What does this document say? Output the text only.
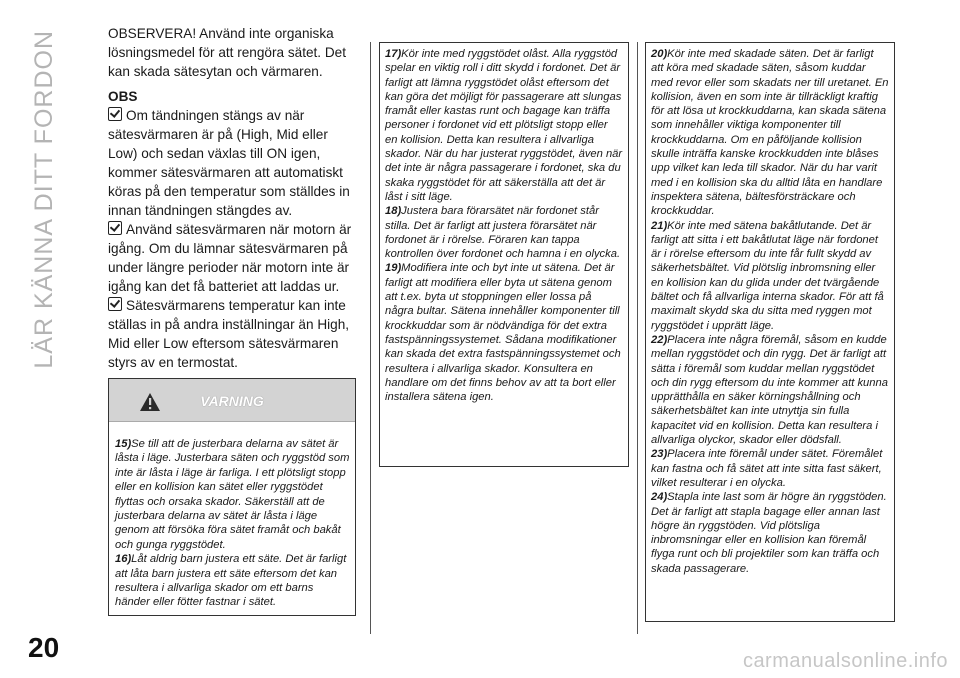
LÄR KÄNNA DITT FORDON	OBSERVERA! Använd inte organiska lösningsmedel för att rengöra sätet. Det kan skada sätesytan och värmaren.

OBS

Om tändningen stängs av när sätesvärmaren är på (High, Mid eller Low) och sedan växlas till ON igen, kommer sätesvärmaren att automatiskt köras på den temperatur som ställdes in innan tändningen stängdes av.

Använd sätesvärmaren när motorn är igång. Om du lämnar sätesvärmaren på under längre perioder när motorn inte är igång kan det få batteriet att laddas ur.

Sätesvärmarens temperatur kan inte ställas in på andra inställningar än High, Mid eller Low eftersom sätesvärmaren styrs av en termostat.

VARNING

15)Se till att de justerbara delarna av sätet är låsta i läge. Justerbara säten och ryggstöd som inte är låsta i läge är farliga. I ett plötsligt stopp eller en kollision kan sätet eller ryggstödet flyttas och orsaka skador. Säkerställ att de justerbara delarna av sätet är låsta i läge genom att försöka föra sätet framåt och bakåt och gunga ryggstödet.

16)Låt aldrig barn justera ett säte. Det är farligt att låta barn justera ett säte eftersom det kan resultera i allvarliga skador om ett barns händer eller fötter fastnar i sätet.

17)Kör inte med ryggstödet olåst. Alla ryggstöd spelar en viktig roll i ditt skydd i fordonet. Det är farligt att lämna ryggstödet olåst eftersom det kan göra det möjligt för passagerare att slungas framåt eller kastas runt och bagage kan träffa personer i fordonet vid ett plötsligt stopp eller en kollision. Detta kan resultera i allvarliga skador. När du har justerat ryggstödet, även när det inte är några passagerare i fordonet, ska du skaka ryggstödet för att säkerställa att det är låst i sitt läge.

18)Justera bara förarsätet när fordonet står stilla. Det är farligt att justera förarsätet när fordonet är i rörelse. Föraren kan tappa kontrollen över fordonet och hamna i en olycka.

19)Modifiera inte och byt inte ut sätena. Det är farligt att modifiera eller byta ut sätena genom att t.ex. byta ut stoppningen eller lossa på några bultar. Sätena innehåller komponenter till krockkuddar som är nödvändiga för det extra fastspänningssystemet. Sådana modifikationer kan skada det extra fastspänningssystemet och resultera i allvarliga skador. Konsultera en handlare om det finns behov av att ta bort eller installera sätena igen.

20)Kör inte med skadade säten. Det är farligt att köra med skadade säten, såsom kuddar med revor eller som skadats ner till uretanet. En kollision, även en som inte är tillräckligt kraftig för att lösa ut krockkuddarna, kan skada sätena som innehåller viktiga komponenter till krockkuddarna. Om en påföljande kollision skulle inträffa kanske krockkudden inte blåses upp vilket kan leda till skador. När du har varit med i en kollision ska du alltid låta en handlare inspektera sätena, bältesförsträckare och krockkuddar.

21)Kör inte med sätena bakåtlutande. Det är farligt att sitta i ett bakåtlutat läge när fordonet är i rörelse eftersom du inte får fullt skydd av säkerhetsbältet. Vid plötslig inbromsning eller en kollision kan du glida under det tvärgående bältet och få allvarliga interna skador. För att få maximalt skydd ska du sitta med ryggen mot ryggstödet i upprätt läge.

22)Placera inte några föremål, såsom en kudde mellan ryggstödet och din rygg. Det är farligt att sätta i föremål som kuddar mellan ryggstödet och din rygg eftersom du inte kommer att kunna upprätthålla en säker körningshållning och säkerhetsbältet kan inte utnyttja sin fulla kapacitet vid en kollision. Detta kan resultera i allvarliga olyckor, skador eller dödsfall.

23)Placera inte föremål under sätet. Föremålet kan fastna och få sätet att inte sitta fast säkert, vilket resulterar i en olycka.

24)Stapla inte last som är högre än ryggstöden. Det är farligt att stapla bagage eller annan last högre än ryggstöden. Vid plötsliga inbromsningar eller en kollision kan föremål flyga runt och bli projektiler som kan träffa och skada passagerare.

20	carmanualsonline.info
